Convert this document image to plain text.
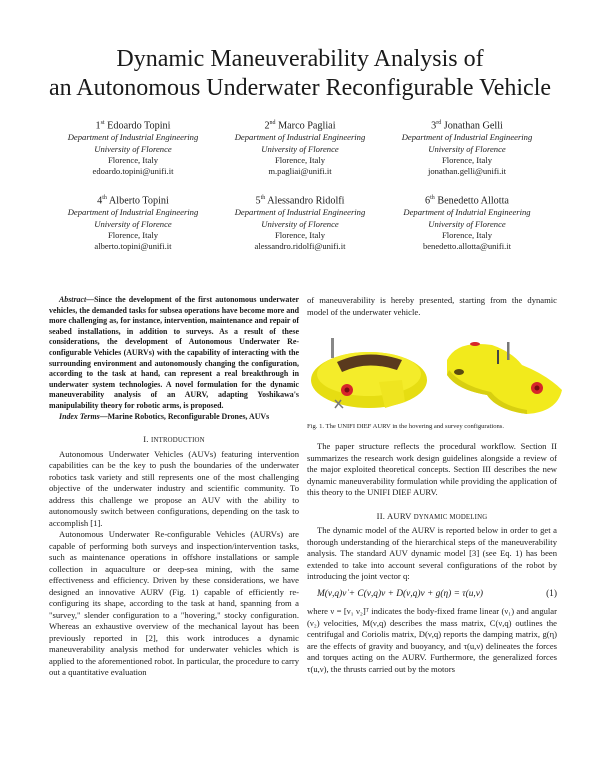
Dynamic Maneuverability Analysis of
an Autonomous Underwater Reconfigurable Vehicle
1st Edoardo Topini
Department of Industrial Engineering
University of Florence
Florence, Italy
edoardo.topini@unifi.it
2nd Marco Pagliai
Department of Industrial Engineering
University of Florence
Florence, Italy
m.pagliai@unifi.it
3rd Jonathan Gelli
Department of Industrial Engineering
University of Florence
Florence, Italy
jonathan.gelli@unifi.it
4th Alberto Topini
Department of Industrial Engineering
University of Florence
Florence, Italy
alberto.topini@unifi.it
5th Alessandro Ridolfi
Department of Industrial Engineering
University of Florence
Florence, Italy
alessandro.ridolfi@unifi.it
6th Benedetto Allotta
Department of Indutrial Engineering
University of Florence
Florence, Italy
benedetto.allotta@unifi.it

Abstract—Since the development of the first autonomous underwater vehicles, the demanded tasks for subsea operations have become more and more challenging as, for instance, intervention, maintenance and repair of seabed installations, in addition to surveys. As a result of these considerations, the development of Autonomous Underwater Re-configurable Vehicles (AURVs) with the capability of interacting with the surrounding environment and autonomously changing the configuration, according to the task at hand, can represent a real breakthrough in underwater system technologies. A novel formulation for the dynamic maneuverability analysis of an AURV, adapting Yoshikawa's manipulability theory for robotic arms, is proposed.

Index Terms—Marine Robotics, Reconfigurable Drones, AUVs

I. INTRODUCTION

Autonomous Underwater Vehicles (AUVs) featuring intervention capabilities can be the key to push the boundaries of the underwater robotics task variety and still represents one of the most challenging objective of the underwater industry and scientific community. To address this challenge we propose an AUV with the ability to autonomously switch between configurations, depending on the task to accomplish [1].

Autonomous Underwater Re-configurable Vehicles (AURVs) are capable of performing both surveys and inspection/intervention tasks, such as maintenance operations in offshore installations or sample collection in aquaculture or deep-sea mining, with the same effectiveness and efficiency. Driven by these considerations, we have designed an innovative AURV (Fig. 1) capable of efficiently re-configuring its shape, according to the task at hand, spanning from a "survey," slender configuration to a "hovering," stocky configuration. Whereas an exhaustive overview of the mechanical layout has been previously reported in [2], this work introduces a dynamic maneuverability analysis method for underwater vehicles which is applied to the aforementioned robot. In particular, the procedure to carry out a quantitative evaluation

of maneuverability is hereby presented, starting from the dynamic model of the underwater vehicle.

Fig. 1. The UNIFI DIEF AURV in the hovering and survey configurations.

The paper structure reflects the procedural workflow. Section II summarizes the research work design guidelines alongside a review of the major exploited theoretical concepts. Section III describes the new dynamic maneuverability formulation while providing the application of this theory to the UNIFI DIEF AURV.

II. AURV DYNAMIC MODELING

The dynamic model of the AURV is reported below in order to get a thorough understanding of the hierarchical steps of the maneuverability analysis. The standard AUV dynamic model [3] (see Eq. 1) has been extended to take into account several configurations of the robot by introducing the joint vector q:

M(ν,q)ν̇ + C(ν,q)ν + D(ν,q)ν + g(η) = τ(u,ν)	(1)

where ν = [ν₁ ν₂]ᵀ indicates the body-fixed frame linear (ν₁) and angular (ν₂) velocities, M(ν,q) describes the mass matrix, C(ν,q) outlines the centrifugal and Coriolis matrix, D(ν,q) reports the damping matrix, g(η) are the effects of gravity and buoyancy, and τ(u,ν) delineates the forces and torques acting on the AURV. Furthermore, the generalized forces τ(u,ν), the thrusts carried out by the motors
